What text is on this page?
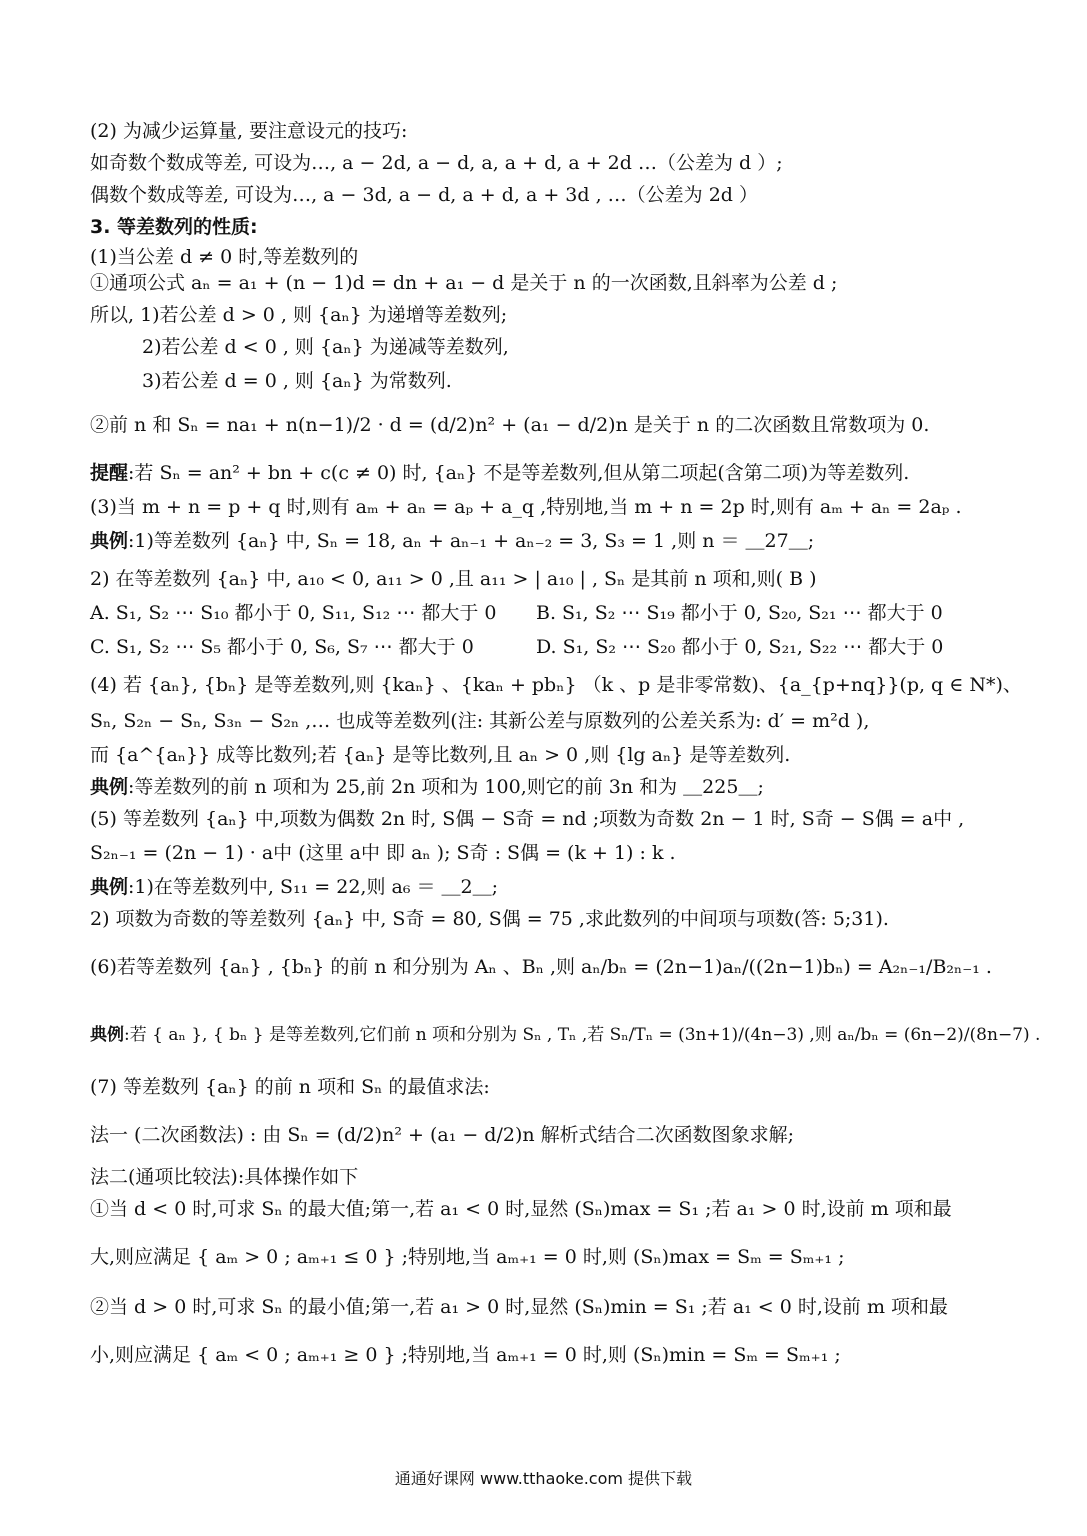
(2) 为减少运算量, 要注意设元的技巧:
如奇数个数成等差, 可设为…, a − 2d, a − d, a, a + d, a + 2d …（公差为 d ）;
偶数个数成等差, 可设为…, a − 3d, a − d, a + d, a + 3d , …（公差为 2d ）
3. 等差数列的性质:
(1)当公差 d ≠ 0 时,等差数列的
①通项公式 aₙ = a₁ + (n − 1)d = dn + a₁ − d 是关于 n 的一次函数,且斜率为公差 d ;
所以, 1)若公差 d > 0 , 则 {aₙ} 为递增等差数列;
2)若公差 d < 0 , 则 {aₙ} 为递减等差数列,
3)若公差 d = 0 , 则 {aₙ} 为常数列.
②前 n 和 Sₙ = na₁ + n(n−1)/2 · d = (d/2)n² + (a₁ − d/2)n 是关于 n 的二次函数且常数项为 0.
提醒:若 Sₙ = an² + bn + c(c ≠ 0) 时, {aₙ} 不是等差数列,但从第二项起(含第二项)为等差数列.
(3)当 m + n = p + q 时,则有 aₘ + aₙ = aₚ + a_q ,特别地,当 m + n = 2p 时,则有 aₘ + aₙ = 2aₚ .
典例:1)等差数列 {aₙ} 中, Sₙ = 18, aₙ + aₙ₋₁ + aₙ₋₂ = 3, S₃ = 1 ,则 n ＝ ＿27＿;
2) 在等差数列 {aₙ} 中, a₁₀ < 0, a₁₁ > 0 ,且 a₁₁ > | a₁₀ | , Sₙ 是其前 n 项和,则( B )
A. S₁, S₂ ⋯ S₁₀ 都小于 0, S₁₁, S₁₂ ⋯ 都大于 0 B. S₁, S₂ ⋯ S₁₉ 都小于 0, S₂₀, S₂₁ ⋯ 都大于 0
C. S₁, S₂ ⋯ S₅ 都小于 0, S₆, S₇ ⋯ 都大于 0	D. S₁, S₂ ⋯ S₂₀ 都小于 0, S₂₁, S₂₂ ⋯ 都大于 0
(4) 若 {aₙ}, {bₙ} 是等差数列,则 {kaₙ} 、{kaₙ + pbₙ} （k 、p 是非零常数)、{a_{p+nq}}(p, q ∈ N*)、
Sₙ, S₂ₙ − Sₙ, S₃ₙ − S₂ₙ ,… 也成等差数列(注: 其新公差与原数列的公差关系为: d′ = m²d ),
而 {a^{aₙ}} 成等比数列;若 {aₙ} 是等比数列,且 aₙ > 0 ,则 {lg aₙ} 是等差数列.
典例:等差数列的前 n 项和为 25,前 2n 项和为 100,则它的前 3n 和为 ＿225＿;
(5) 等差数列 {aₙ} 中,项数为偶数 2n 时, S偶 − S奇 = nd ;项数为奇数 2n − 1 时, S奇 − S偶 = a中 ,
S₂ₙ₋₁ = (2n − 1) · a中 (这里 a中 即 aₙ ); S奇 : S偶 = (k + 1) : k .
典例:1)在等差数列中, S₁₁ = 22,则 a₆ ＝ ＿2＿;
2) 项数为奇数的等差数列 {aₙ} 中, S奇 = 80, S偶 = 75 ,求此数列的中间项与项数(答: 5;31).
(6)若等差数列 {aₙ} , {bₙ} 的前 n 和分别为 Aₙ 、Bₙ ,则 aₙ/bₙ = (2n−1)aₙ/((2n−1)bₙ) = A₂ₙ₋₁/B₂ₙ₋₁ .
典例:若 { aₙ }, { bₙ } 是等差数列,它们前 n 项和分别为 Sₙ , Tₙ ,若 Sₙ/Tₙ = (3n+1)/(4n−3) ,则 aₙ/bₙ = (6n−2)/(8n−7) .
(7) 等差数列 {aₙ} 的前 n 项和 Sₙ 的最值求法:
法一 (二次函数法) : 由 Sₙ = (d/2)n² + (a₁ − d/2)n 解析式结合二次函数图象求解;
法二(通项比较法):具体操作如下
①当 d < 0 时,可求 Sₙ 的最大值;第一,若 a₁ < 0 时,显然 (Sₙ)max = S₁ ;若 a₁ > 0 时,设前 m 项和最
大,则应满足 { aₘ > 0 ; aₘ₊₁ ≤ 0 } ;特别地,当 aₘ₊₁ = 0 时,则 (Sₙ)max = Sₘ = Sₘ₊₁ ;
②当 d > 0 时,可求 Sₙ 的最小值;第一,若 a₁ > 0 时,显然 (Sₙ)min = S₁ ;若 a₁ < 0 时,设前 m 项和最
小,则应满足 { aₘ < 0 ; aₘ₊₁ ≥ 0 } ;特别地,当 aₘ₊₁ = 0 时,则 (Sₙ)min = Sₘ = Sₘ₊₁ ;
通通好课网 www.tthaoke.com 提供下载
